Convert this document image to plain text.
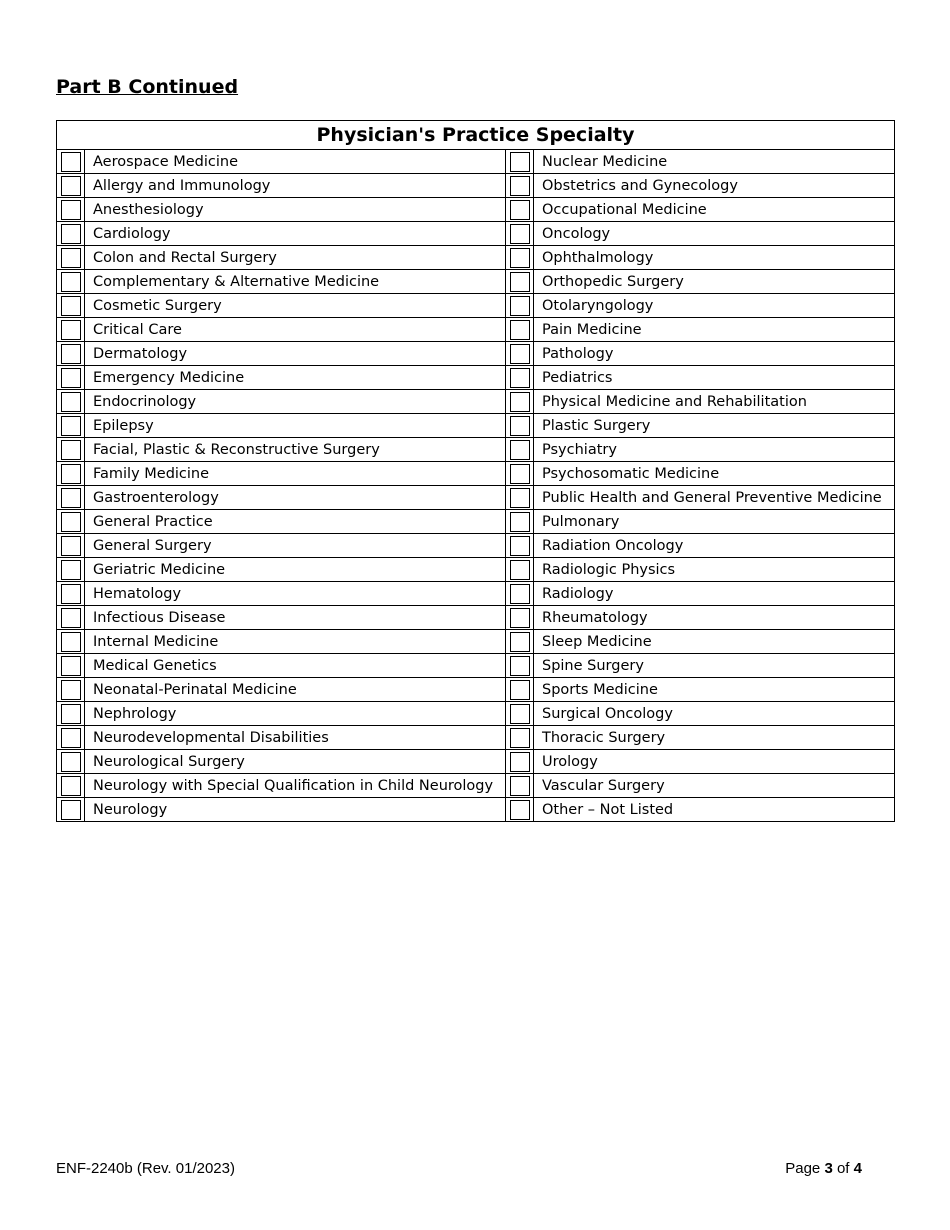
Part B Continued
Physician's Practice Specialty			
	Aerospace Medicine		Nuclear Medicine
	Allergy and Immunology		Obstetrics and Gynecology
	Anesthesiology		Occupational Medicine
	Cardiology		Oncology
	Colon and Rectal Surgery		Ophthalmology
	Complementary & Alternative Medicine		Orthopedic Surgery
	Cosmetic Surgery		Otolaryngology
	Critical Care		Pain Medicine
	Dermatology		Pathology
	Emergency Medicine		Pediatrics
	Endocrinology		Physical Medicine and Rehabilitation
	Epilepsy		Plastic Surgery
	Facial, Plastic & Reconstructive Surgery		Psychiatry
	Family Medicine		Psychosomatic Medicine
	Gastroenterology		Public Health and General Preventive Medicine
	General Practice		Pulmonary
	General Surgery		Radiation Oncology
	Geriatric Medicine		Radiologic Physics
	Hematology		Radiology
	Infectious Disease		Rheumatology
	Internal Medicine		Sleep Medicine
	Medical Genetics		Spine Surgery
	Neonatal-Perinatal Medicine		Sports Medicine
	Nephrology		Surgical Oncology
	Neurodevelopmental Disabilities		Thoracic Surgery
	Neurological Surgery		Urology
	Neurology with Special Qualification in Child Neurology		Vascular Surgery
	Neurology		Other – Not Listed
ENF-2240b (Rev. 01/2023)	Page 3 of 4
